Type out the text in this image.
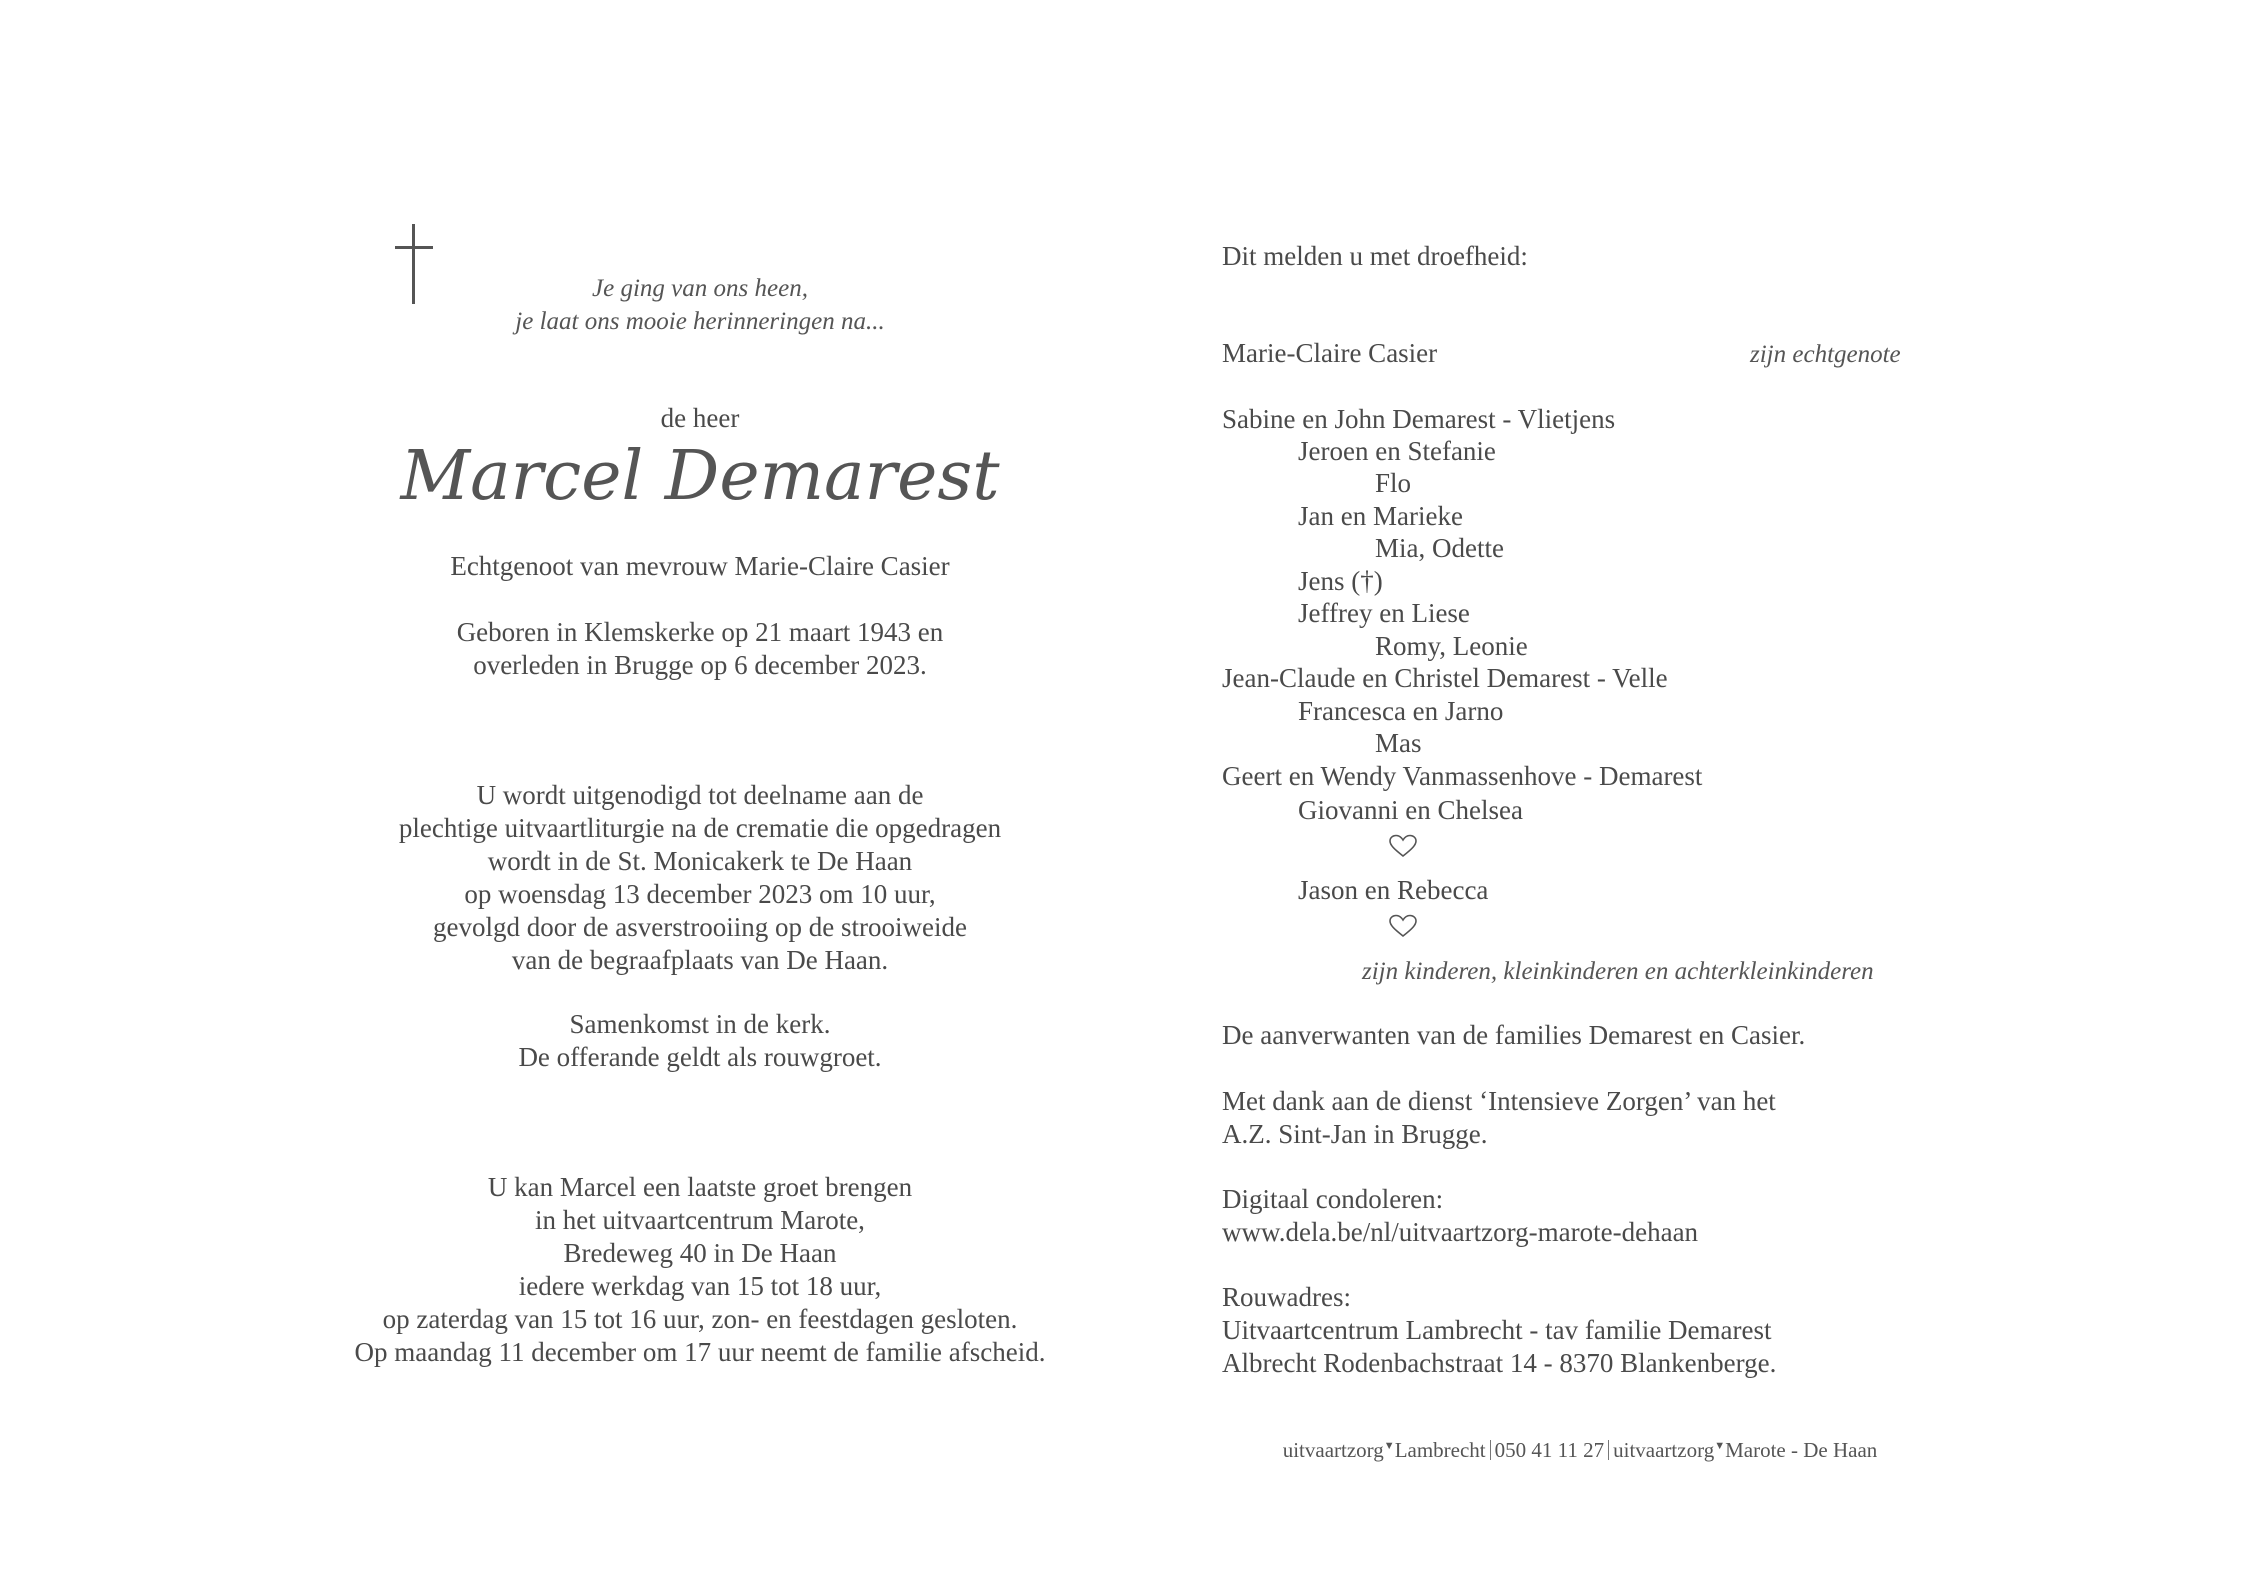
Je ging van ons heen,
je laat ons mooie herinneringen na...
de heer
Marcel Demarest
Echtgenoot van mevrouw Marie-Claire Casier
Geboren in Klemskerke op 21 maart 1943 en
overleden in Brugge op 6 december 2023.
U wordt uitgenodigd tot deelname aan de
plechtige uitvaartliturgie na de crematie die opgedragen
wordt in de St. Monicakerk te De Haan
op woensdag 13 december 2023 om 10 uur,
gevolgd door de asverstrooiing op de strooiweide
van de begraafplaats van De Haan.
Samenkomst in de kerk.
De offerande geldt als rouwgroet.
U kan Marcel een laatste groet brengen
in het uitvaartcentrum Marote,
Bredeweg 40 in De Haan
iedere werkdag van 15 tot 18 uur,
op zaterdag van 15 tot 16 uur, zon- en feestdagen gesloten.
Op maandag 11 december om 17 uur neemt de familie afscheid.
Dit melden u met droefheid:
Marie-Claire Casier	zijn echtgenote
Sabine en John Demarest - Vlietjens
Jeroen en Stefanie
Flo
Jan en Marieke
Mia, Odette
Jens (†)
Jeffrey en Liese
Romy, Leonie
Jean-Claude en Christel Demarest - Velle
Francesca en Jarno
Mas
Geert en Wendy Vanmassenhove - Demarest
Giovanni en Chelsea
Jason en Rebecca
zijn kinderen, kleinkinderen en achterkleinkinderen
De aanverwanten van de families Demarest en Casier.
Met dank aan de dienst ‘Intensieve Zorgen’ van het
A.Z. Sint-Jan in Brugge.
Digitaal condoleren:
www.dela.be/nl/uitvaartzorg-marote-dehaan
Rouwadres:
Uitvaartcentrum Lambrecht - tav familie Demarest
Albrecht Rodenbachstraat 14 - 8370 Blankenberge.
uitvaartzorg▼Lambrecht 050 41 11 27 uitvaartzorg▼Marote - De Haan
